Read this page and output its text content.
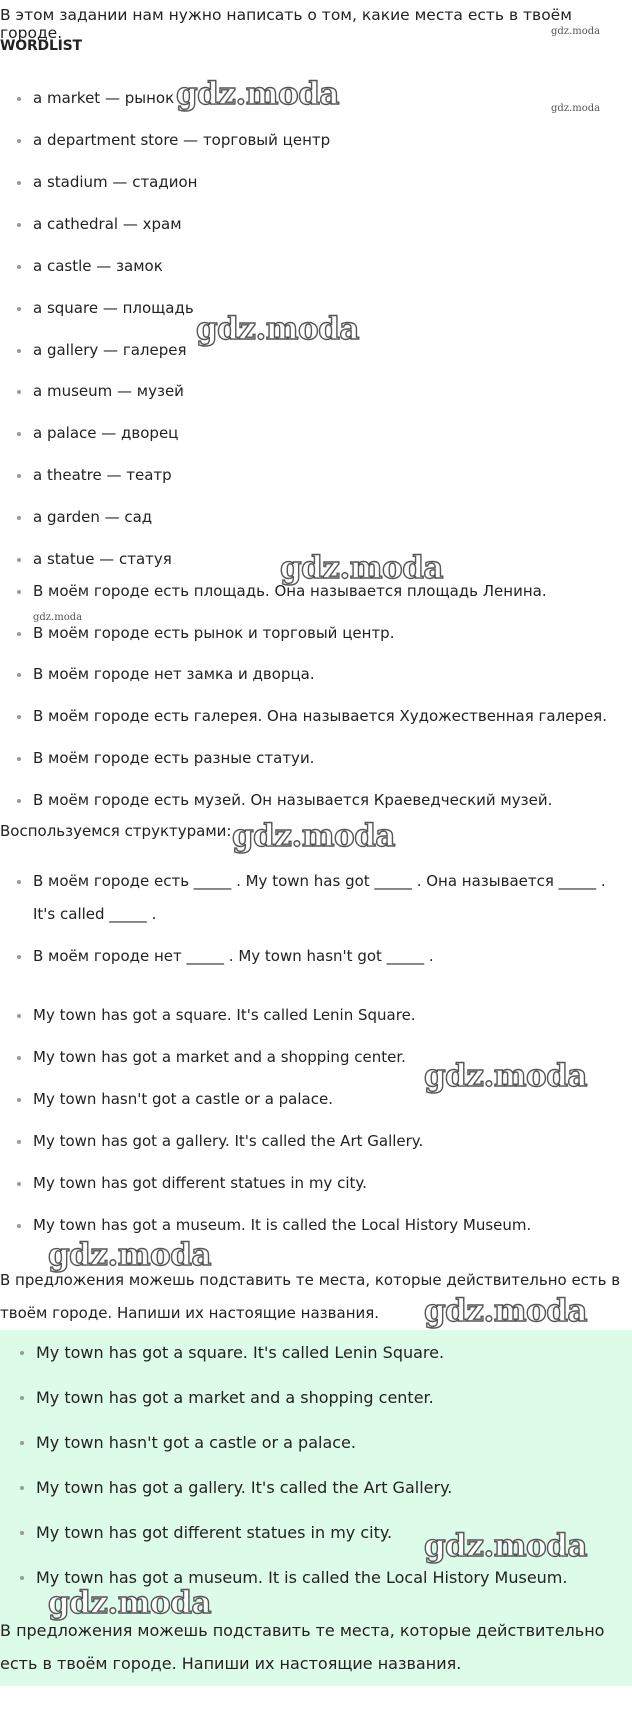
В этом задании нам нужно написать о том, какие места есть в твоём городе.
WORDLIST
a market — рынок
a department store — торговый центр
a stadium — стадион
a cathedral — храм
a castle — замок
a square — площадь
a gallery — галерея
a museum — музей
a palace — дворец
a theatre — театр
a garden — сад
a statue — статуя
В моём городе есть площадь. Она называется площадь Ленина.
В моём городе есть рынок и торговый центр.
В моём городе нет замка и дворца.
В моём городе есть галерея. Она называется Художественная галерея.
В моём городе есть разные статуи.
В моём городе есть музей. Он называется Краеведческий музей.
Воспользуемся структурами:
В моём городе есть _____ . My town has got _____ . Она называется _____ . It's called _____ .
В моём городе нет _____ . My town hasn't got _____ .
My town has got a square. It's called Lenin Square.
My town has got a market and a shopping center.
My town hasn't got a castle or a palace.
My town has got a gallery. It's called the Art Gallery.
My town has got different statues in my city.
My town has got a museum. It is called the Local History Museum.
В предложения можешь подставить те места, которые действительно есть в твоём городе. Напиши их настоящие названия.
My town has got a square. It's called Lenin Square.
My town has got a market and a shopping center.
My town hasn't got a castle or a palace.
My town has got a gallery. It's called the Art Gallery.
My town has got different statues in my city.
My town has got a museum. It is called the Local History Museum.
В предложения можешь подставить те места, которые действительно есть в твоём городе. Напиши их настоящие названия.
gdz.moda
gdz.moda
gdz.moda
gdz.moda
gdz.moda
gdz.moda
gdz.moda
gdz.moda
gdz.moda
gdz.moda
gdz.moda
gdz.moda
